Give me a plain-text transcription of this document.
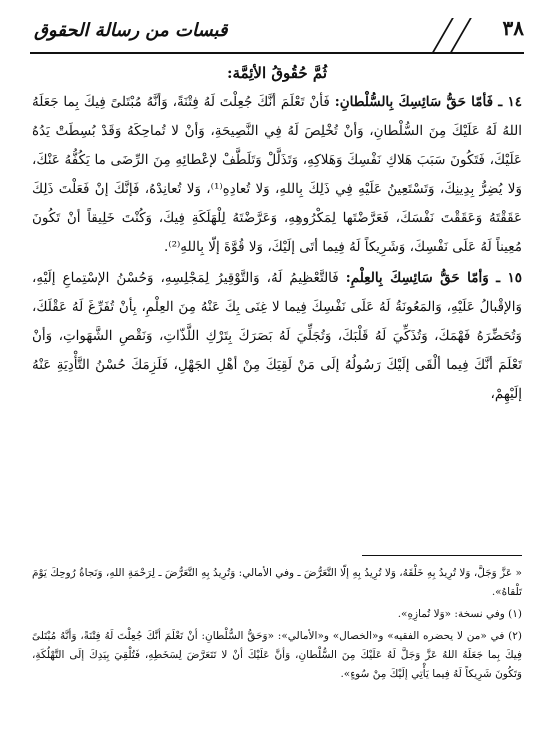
٣٨
قبسات من رسالة الحقوق
ثُمَّ حُقُوقُ الأئِمَّة:

١٤ ـ فَأمّا حَقُّ سَائِسِكَ بِالسُّلْطانِ: فَأنْ تَعْلَمَ أنَّكَ جُعِلْتَ لَهُ فِتْنَةً، وَأنَّهُ مُبْتَلىً فِيكَ بِما جَعَلَهُ اللهُ لَهُ عَلَيْكَ مِنَ السُّلْطانِ، وَأنْ تُخْلِصَ لَهُ فِي النَّصِيحَةِ، وَأنْ لا تُماحِكَهُ وَقَدْ بُسِطَتْ يَدُهُ عَلَيْكَ، فَتَكُونَ سَبَبَ هَلاكِ نَفْسِكَ وَهَلاكِهِ، وَتَذَلَّلْ وَتَلَطَّفْ لإعْطائِهِ مِنَ الرِّضَى ما يَكُفُّهُ عَنْكَ، وَلا يُضِرُّ بِدِينِكَ، وَتَسْتَعِينُ عَلَيْهِ فِي ذَلِكَ بِاللهِ، وَلا تُعادِهِ⁽¹⁾، وَلا تُعانِدْهُ، فَإنَّكَ إنْ فَعَلْتَ ذَلِكَ عَقَقْتَهُ وَعَقَقْتَ نَفْسَكَ، فَعَرَّضْتَها لِمَكْرُوهِهِ، وَعَرَّضْتَهُ لِلْهَلَكَةِ فِيكَ، وَكُنْتَ خَلِيقاً أنْ تَكُونَ مُعِيناً لَهُ عَلَى نَفْسِكَ، وَشَرِيكاً لَهُ فِيما أتَى إلَيْكَ، وَلا قُوَّةَ إلّا بِاللهِ⁽²⁾.

١٥ ـ وَأمّا حَقُّ سَائِسِكَ بِالعِلْمِ: فَالتَّعْظِيمُ لَهُ، وَالتَّوْقِيرُ لِمَجْلِسِهِ، وَحُسْنُ الإسْتِماعِ إلَيْهِ، وَالإقْبالُ عَلَيْهِ، وَالمَعُونَةُ لَهُ عَلَى نَفْسِكَ فِيما لا غِنَى بِكَ عَنْهُ مِنَ العِلْمِ، بِأنْ تُفَرِّغَ لَهُ عَقْلَكَ، وَتُحَضِّرَهُ فَهْمَكَ، وَتُذَكِّيَ لَهُ قَلْبَكَ، وَتُجَلِّيَ لَهُ بَصَرَكَ بِتَرْكِ اللَّذّاتِ، وَنَقْصِ الشَّهَواتِ، وَأنْ تَعْلَمَ أنَّكَ فِيما ألْقَى إلَيْكَ رَسُولُهُ إلَى مَنْ لَقِيَكَ مِنْ أهْلِ الجَهْلِ، فَلَزِمَكَ حُسْنُ التَّأْدِيَةِ عَنْهُ إلَيْهِمْ،

« عَزَّ وَجَلَّ، وَلا تُرِيدُ بِهِ خَلْقَهُ، وَلا تُرِيدُ بِهِ إلّا التَّعَرُّضَ ـ وفي الأمالي: وَتُرِيدُ بِهِ التَّعَرُّضَ ـ لِرَحْمَةِ اللهِ، وَنَجاةُ رُوحِكَ يَوْمَ تَلْقاهُ».

(١) وفي نسخة: «وَلا تُمازِهِ».

(٢) في «من لا يحضره الفقيه» و«الخصال» و«الأمالي»: «وَحَقُّ السُّلْطانِ: أنْ تَعْلَمَ أنَّكَ جُعِلْتَ لَهُ فِتْنَةً، وَأنَّهُ مُبْتَلىً فِيكَ بِما جَعَلَهُ اللهُ عَزَّ وَجَلَّ لَهُ عَلَيْكَ مِنَ السُّلْطانِ، وَأنَّ عَلَيْكَ أنْ لا تَتَعَرَّضَ لِسَخَطِهِ، فَتُلْقِيَ بِيَدِكَ إلَى التَّهْلُكَةِ، وَتَكُونَ شَرِيكاً لَهُ فِيما يَأْتِي إلَيْكَ مِنْ سُوءٍ».
